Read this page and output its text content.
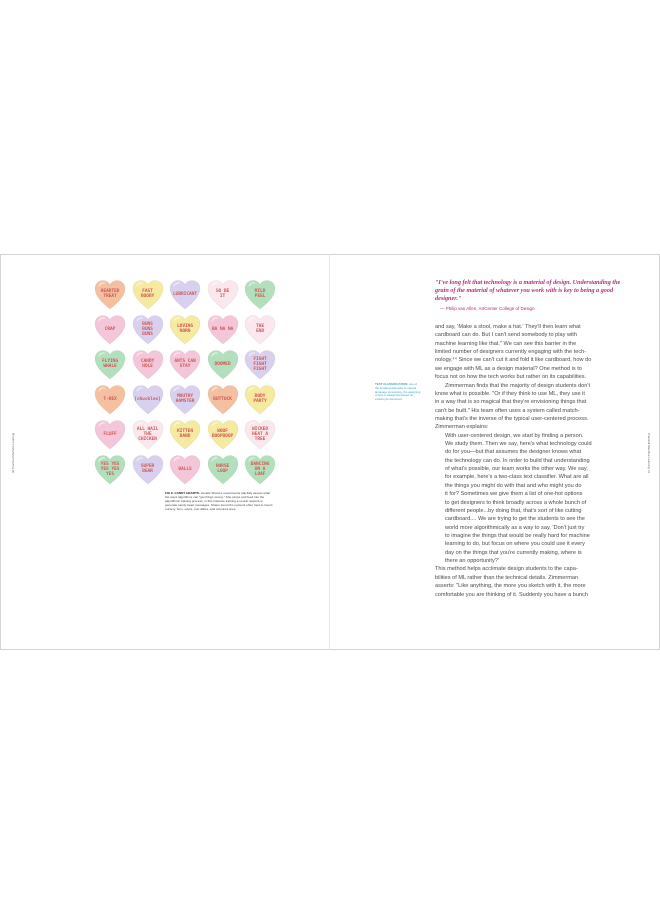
30 Practical Machine Learning
HEARTED
TREAT
FAST
BOOBY	LUBRICANT	SO BE
IT
MILD
PEEL
CRAP
BUNS
BUNS
BUNS
LOVING
NORN	BA NA NA	THE
END
FLYING
WHALE
CANDY
HOLE
ANTS CAN
STAY	DOOMED
FIGHT
FIGHT
FIGHT
T-REX	[chuckles]	MOUTHY
HAMSTER	BUTTOCK	BODY
PARTY
FLUFF
ALL HAIL
THE
CHICKEN
KITTEN
BAND
WOOF
BOOPBOOP
WICKED
HEAT A
TREE
YES YES
YES YES
YES
SUPER
BEAR	BALLS	HORSE
LOOP
DANCING
ON A
LOAF
FIG 8. CANDY HEARTS. Janelle Shane's experiments playfully assess what the ways algorithms can "get things wrong." She jumps and feed into the algorithmic training process, in this instance training a neural network to generate candy heart messages. Shane found the network often tried to invent nursery, bum, odors, pun-ditties, and coloured ones.
Practical Machine Learning 31
TEXT CLASSIFICATION: one of the fundamental tasks in natural language processing, the assigning of text or categories based on existing its document.
"I've long felt that technology is a material of design. Understanding the grain of the material of whatever you work with is key to being a good designer."
— Philip van Allen, ArtCenter College of Design
and say, 'Make a stool, make a hat.' They'll then learn what
cardboard can do. But I can't send somebody to play with
machine learning like that." We can see this barrier in the
limited number of designers currently engaging with the tech-
nology.¹⁴ Since we can't cut it and fold it like cardboard, how do
we engage with ML as a design material? One method is to
focus not on how the tech works but rather on its capabilities.
Zimmerman finds that the majority of design students don't
know what is possible. "Or if they think to use ML, they use it
in a way that is so magical that they're envisioning things that
can't be built." His team often uses a system called match-
making that's the inverse of the typical user-centered process.
Zimmerman explains:
With user-centered design, we start by finding a person.
We study them. Then we say, here's what technology could
do for you—but that assumes the designer knows what
the technology can do. In order to build that understanding
of what's possible, our team works the other way. We say,
for example, here's a two-class text classifier. What are all
the things you might do with that and who might you do
it for? Sometimes we give them a list of one-hot options
to get designers to think broadly across a whole bunch of
different people...by doing that, that's sort of like cutting
cardboard.... We are trying to get the students to see the
world more algorithmically as a way to say, 'Don't just try
to imagine the things that would be really hard for machine
learning to do, but focus on where you could use it every
day on the things that you're currently making, where is
there an opportunity?'
This method helps acclimate design students to the capa-
bilities of ML rather than the technical details. Zimmerman
asserts: "Like anything, the more you sketch with it, the more
comfortable you are thinking of it. Suddenly you have a bunch
